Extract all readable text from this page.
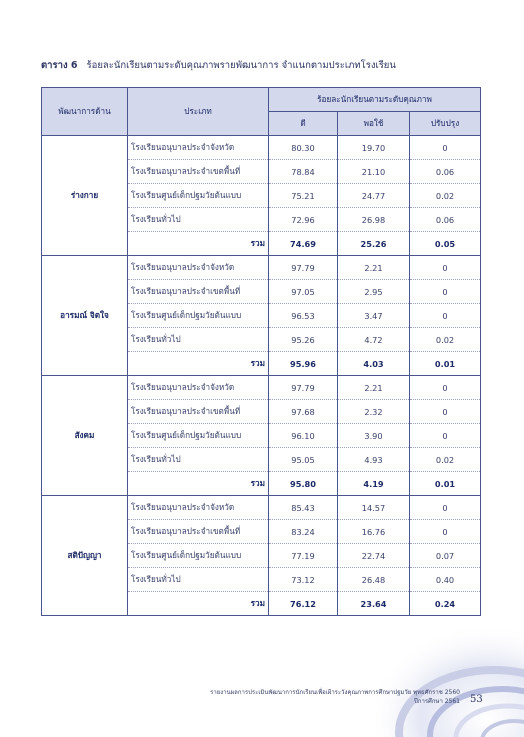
ตาราง 6 ร้อยละนักเรียนตามระดับคุณภาพรายพัฒนาการ จำแนกตามประเภทโรงเรียน
พัฒนาการด้าน	ประเภท	ร้อยละนักเรียนตามระดับคุณภาพ		
		ดี	พอใช้	ปรับปรุง
ร่างกาย	โรงเรียนอนุบาลประจำจังหวัด	80.30	19.70	0
	โรงเรียนอนุบาลประจำเขตพื้นที่	78.84	21.10	0.06
	โรงเรียนศูนย์เด็กปฐมวัยต้นแบบ	75.21	24.77	0.02
	โรงเรียนทั่วไป	72.96	26.98	0.06
	รวม	74.69	25.26	0.05
อารมณ์ จิตใจ	โรงเรียนอนุบาลประจำจังหวัด	97.79	2.21	0
	โรงเรียนอนุบาลประจำเขตพื้นที่	97.05	2.95	0
	โรงเรียนศูนย์เด็กปฐมวัยต้นแบบ	96.53	3.47	0
	โรงเรียนทั่วไป	95.26	4.72	0.02
	รวม	95.96	4.03	0.01
สังคม	โรงเรียนอนุบาลประจำจังหวัด	97.79	2.21	0
	โรงเรียนอนุบาลประจำเขตพื้นที่	97.68	2.32	0
	โรงเรียนศูนย์เด็กปฐมวัยต้นแบบ	96.10	3.90	0
	โรงเรียนทั่วไป	95.05	4.93	0.02
	รวม	95.80	4.19	0.01
สติปัญญา	โรงเรียนอนุบาลประจำจังหวัด	85.43	14.57	0
	โรงเรียนอนุบาลประจำเขตพื้นที่	83.24	16.76	0
	โรงเรียนศูนย์เด็กปฐมวัยต้นแบบ	77.19	22.74	0.07
	โรงเรียนทั่วไป	73.12	26.48	0.40
	รวม	76.12	23.64	0.24
รายงานผลการประเมินพัฒนาการนักเรียนเพื่อเฝ้าระวังคุณภาพการศึกษาปฐมวัย พุทธศักราช 2560
ปีการศึกษา 2561 53
